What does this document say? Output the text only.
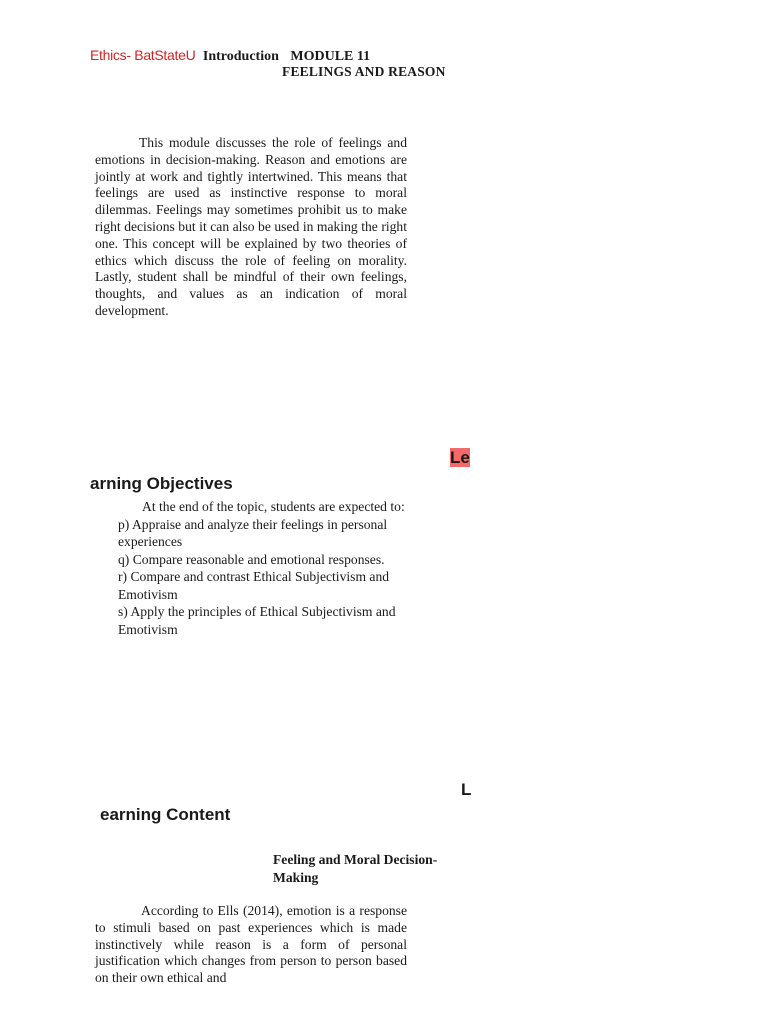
Ethics- BatStateU Introduction MODULE 11
FEELINGS AND REASON

This module discusses the role of feelings and emotions in decision-making. Reason and emotions are jointly at work and tightly intertwined. This means that feelings are used as instinctive response to moral dilemmas. Feelings may sometimes prohibit us to make right decisions but it can also be used in making the right one. This concept will be explained by two theories of ethics which discuss the role of feeling on morality. Lastly, student shall be mindful of their own feelings, thoughts, and values as an indication of moral development.

Le
arning Objectives
At the end of the topic, students are expected to:
p) Appraise and analyze their feelings in personal experiences
q) Compare reasonable and emotional responses.
r) Compare and contrast Ethical Subjectivism and Emotivism
s) Apply the principles of Ethical Subjectivism and Emotivism
L
earning Content
Feeling and Moral Decision-Making

According to Ells (2014), emotion is a response to stimuli based on past experiences which is made instinctively while reason is a form of personal justification which changes from person to person based on their own ethical and
